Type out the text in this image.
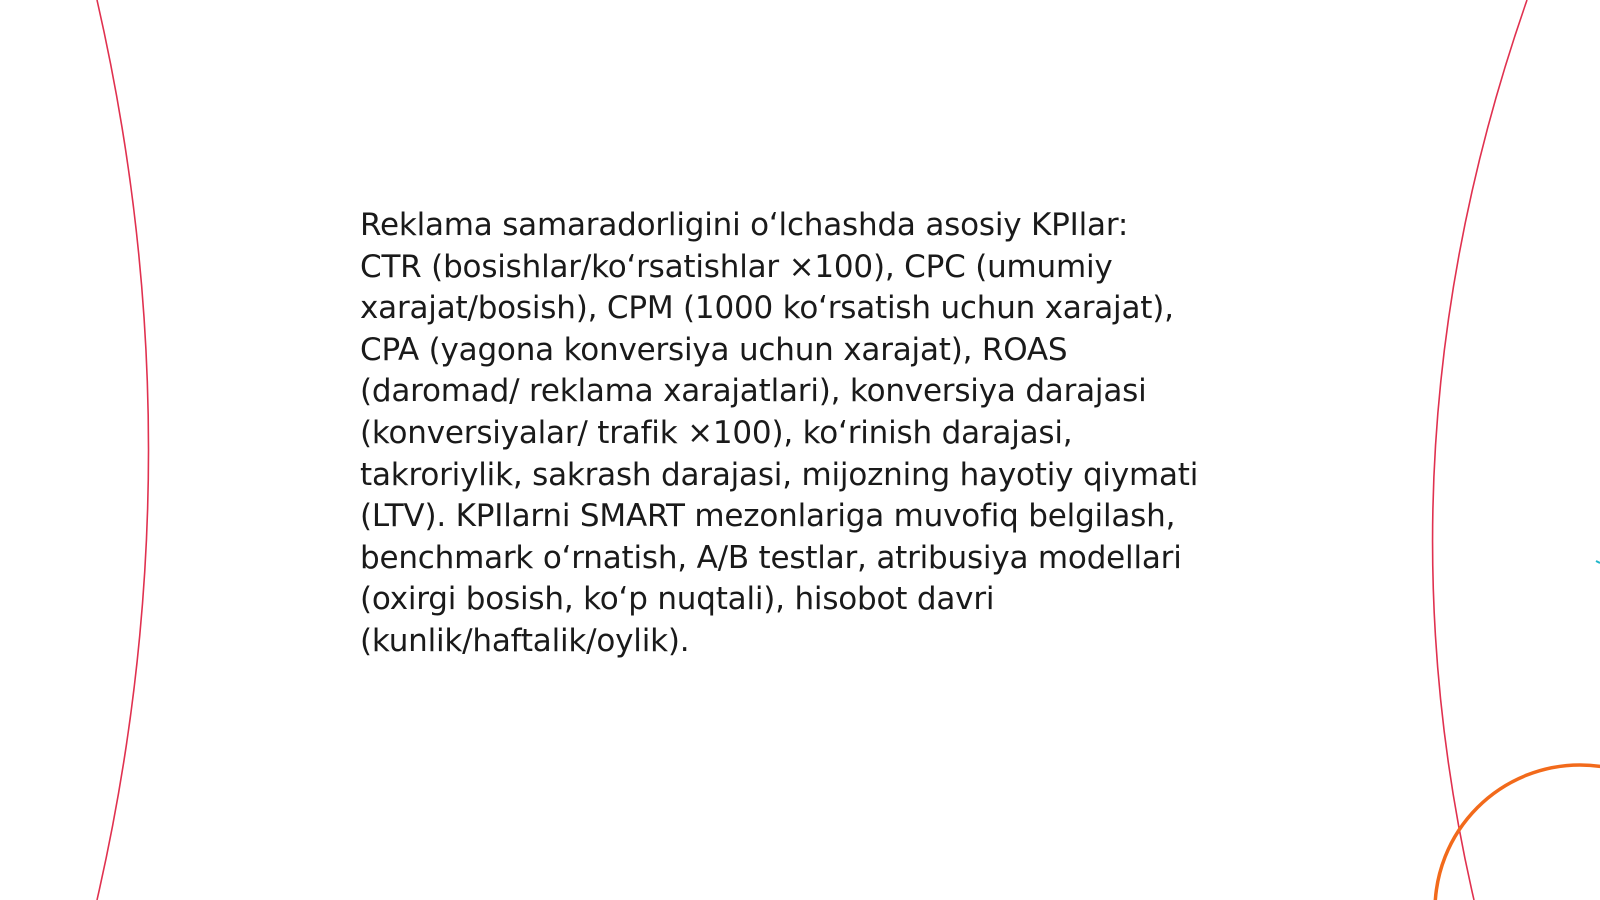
Reklama samaradorligini o‘lchashda asosiy KPIlar:
CTR (bosishlar/ko‘rsatishlar ×100), CPC (umumiy
xarajat/bosish), CPM (1000 ko‘rsatish uchun xarajat),
CPA (yagona konversiya uchun xarajat), ROAS
(daromad/ reklama xarajatlari), konversiya darajasi
(konversiyalar/ trafik ×100), ko‘rinish darajasi,
takroriylik, sakrash darajasi, mijozning hayotiy qiymati
(LTV). KPIlarni SMART mezonlariga muvofiq belgilash,
benchmark o‘rnatish, A/B testlar, atribusiya modellari
(oxirgi bosish, ko‘p nuqtali), hisobot davri
(kunlik/haftalik/oylik).
